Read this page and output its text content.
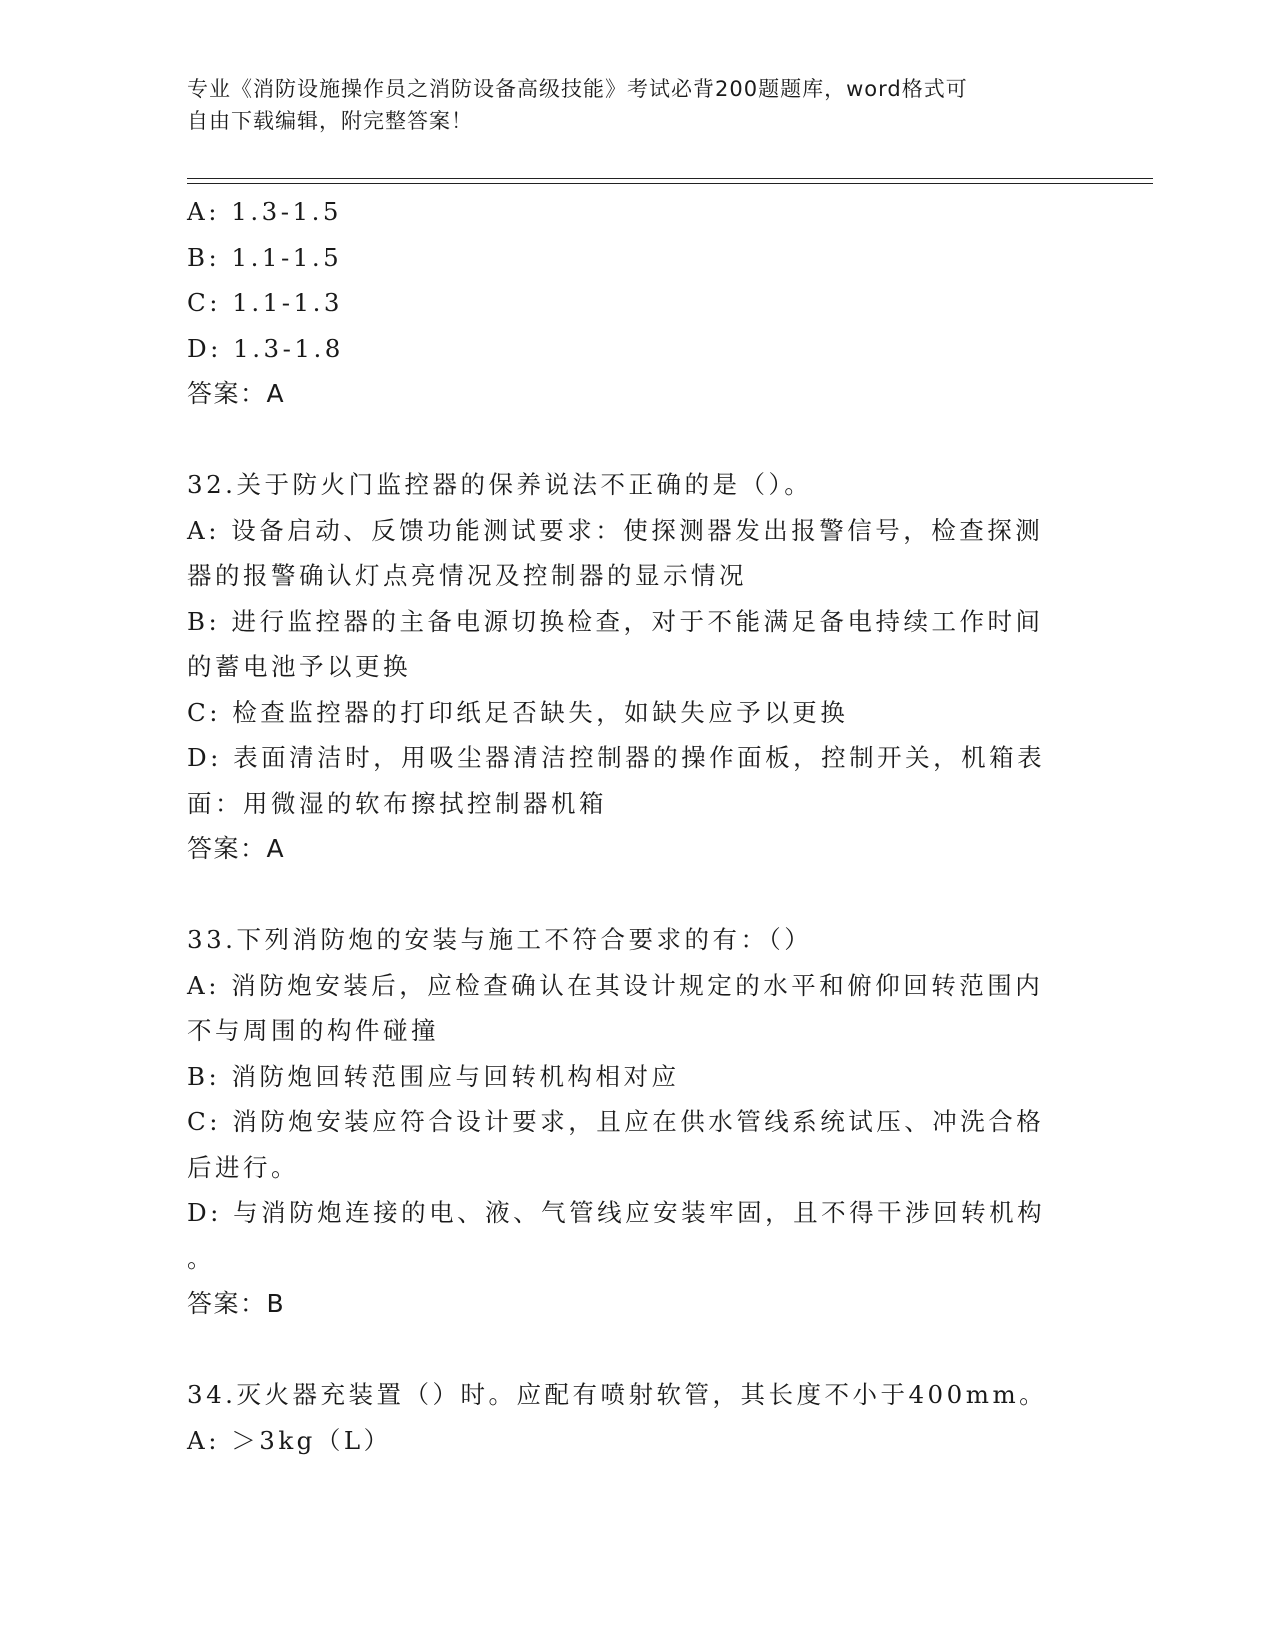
专业《消防设施操作员之消防设备高级技能》考试必背200题题库，word格式可
自由下载编辑，附完整答案！
A: 1.3-1.5
B: 1.1-1.5
C: 1.1-1.3
D: 1.3-1.8
答案：A
32.关于防火门监控器的保养说法不正确的是（）。
A: 设备启动、反馈功能测试要求：使探测器发出报警信号，检查探测
器的报警确认灯点亮情况及控制器的显示情况
B: 进行监控器的主备电源切换检查，对于不能满足备电持续工作时间
的蓄电池予以更换
C: 检查监控器的打印纸足否缺失，如缺失应予以更换
D: 表面清洁时，用吸尘器清洁控制器的操作面板，控制开关，机箱表
面：用微湿的软布擦拭控制器机箱
答案：A
33.下列消防炮的安装与施工不符合要求的有：（）
A: 消防炮安装后，应检查确认在其设计规定的水平和俯仰回转范围内
不与周围的构件碰撞
B: 消防炮回转范围应与回转机构相对应
C: 消防炮安装应符合设计要求，且应在供水管线系统试压、冲洗合格
后进行。
D: 与消防炮连接的电、液、气管线应安装牢固，且不得干涉回转机构
。
答案：B
34.灭火器充装置（）时。应配有喷射软管，其长度不小于400mm。
A: ＞3kg（L）
